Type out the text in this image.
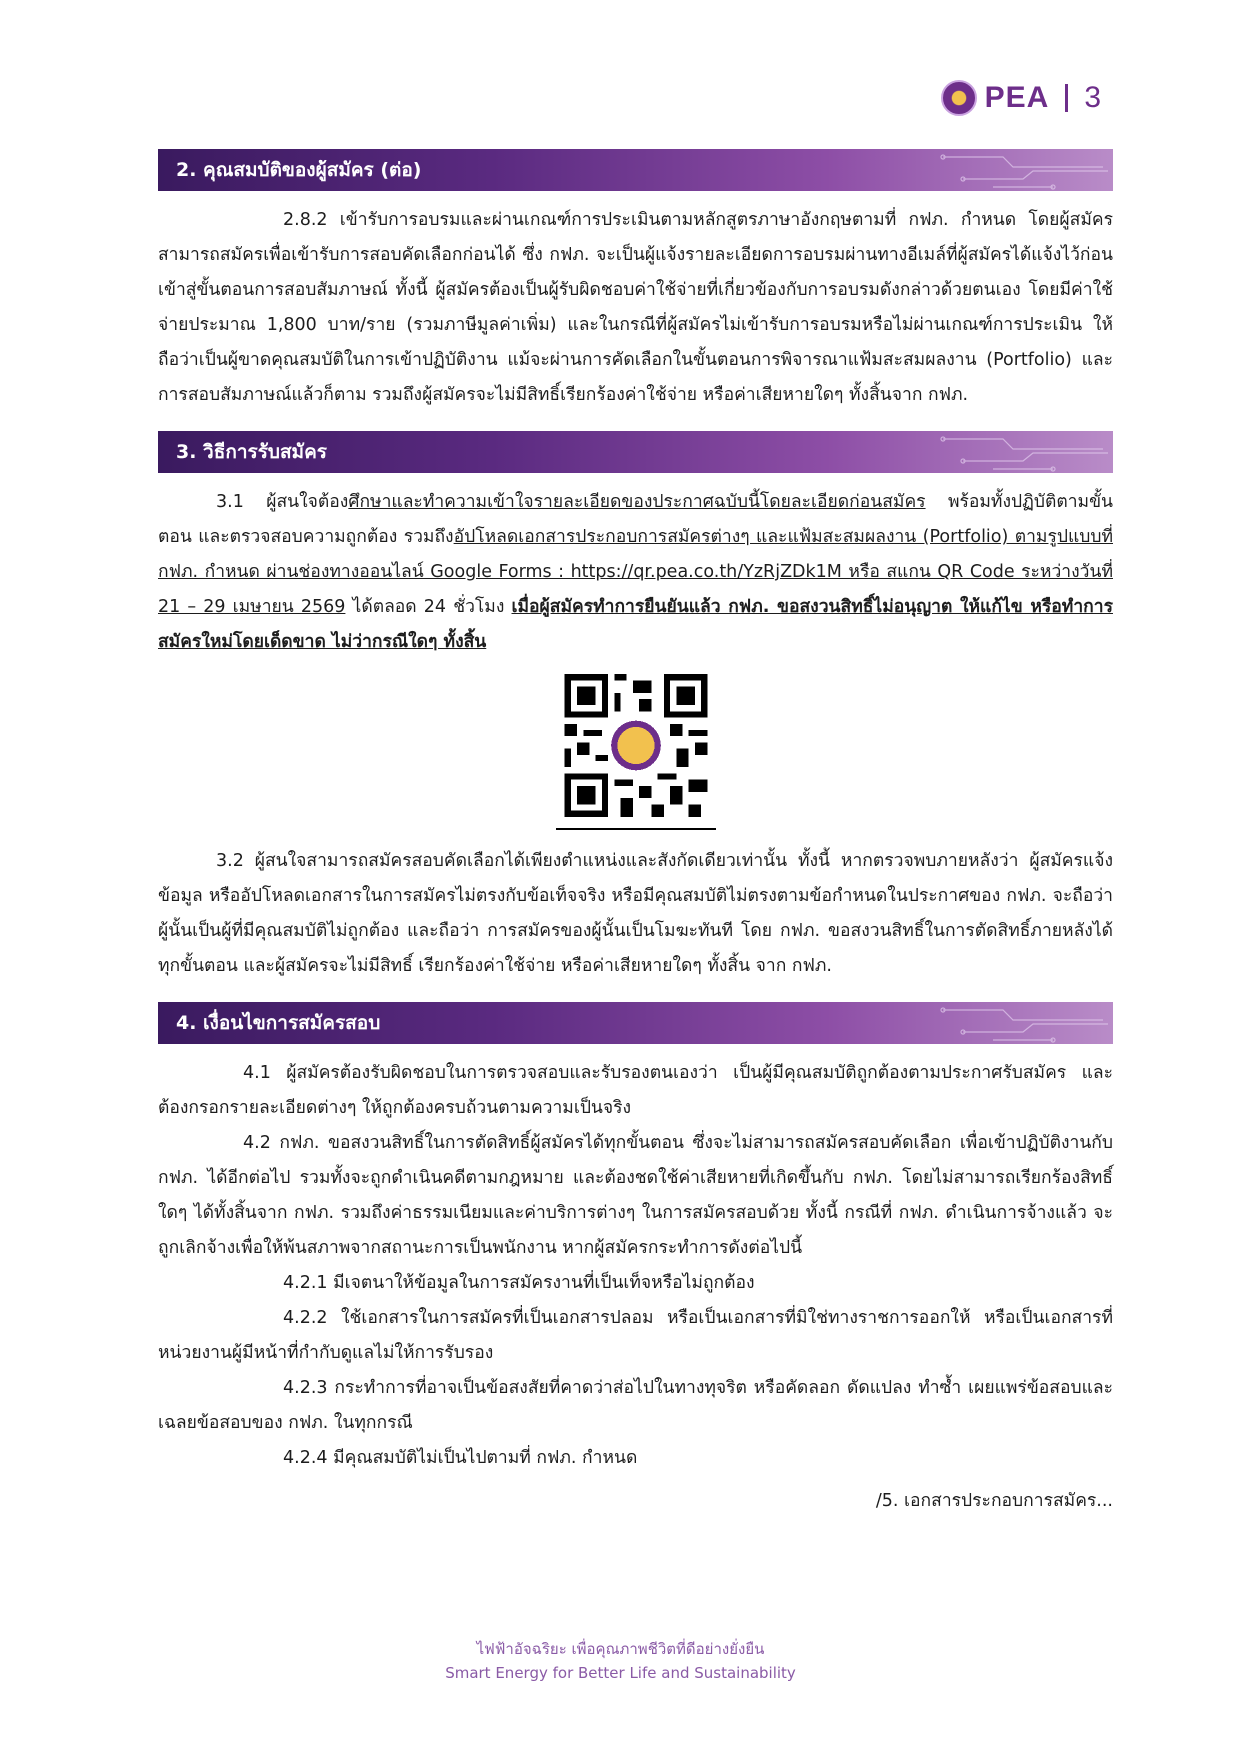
PEA 3
2. คุณสมบัติของผู้สมัคร (ต่อ)

2.8.2 เข้ารับการอบรมและผ่านเกณฑ์การประเมินตามหลักสูตรภาษาอังกฤษตามที่ กฟภ. กำหนด โดยผู้สมัครสามารถสมัครเพื่อเข้ารับการสอบคัดเลือกก่อนได้ ซึ่ง กฟภ. จะเป็นผู้แจ้งรายละเอียดการอบรมผ่านทางอีเมล์ที่ผู้สมัครได้แจ้งไว้ก่อนเข้าสู่ขั้นตอนการสอบสัมภาษณ์ ทั้งนี้ ผู้สมัครต้องเป็นผู้รับผิดชอบค่าใช้จ่ายที่เกี่ยวข้องกับการอบรมดังกล่าวด้วยตนเอง โดยมีค่าใช้จ่ายประมาณ 1,800 บาท/ราย (รวมภาษีมูลค่าเพิ่ม) และในกรณีที่ผู้สมัครไม่เข้ารับการอบรมหรือไม่ผ่านเกณฑ์การประเมิน ให้ถือว่าเป็นผู้ขาดคุณสมบัติในการเข้าปฏิบัติงาน แม้จะผ่านการคัดเลือกในขั้นตอนการพิจารณาแฟ้มสะสมผลงาน (Portfolio) และการสอบสัมภาษณ์แล้วก็ตาม รวมถึงผู้สมัครจะไม่มีสิทธิ์เรียกร้องค่าใช้จ่าย หรือค่าเสียหายใดๆ ทั้งสิ้นจาก กฟภ.

3. วิธีการรับสมัคร

3.1 ผู้สนใจต้องศึกษาและทำความเข้าใจรายละเอียดของประกาศฉบับนี้โดยละเอียดก่อนสมัคร พร้อมทั้งปฏิบัติตามขั้นตอน และตรวจสอบความถูกต้อง รวมถึงอัปโหลดเอกสารประกอบการสมัครต่างๆ และแฟ้มสะสมผลงาน (Portfolio) ตามรูปแบบที่ กฟภ. กำหนด ผ่านช่องทางออนไลน์ Google Forms : https://qr.pea.co.th/YzRjZDk1M หรือ สแกน QR Code ระหว่างวันที่ 21 – 29 เมษายน 2569 ได้ตลอด 24 ชั่วโมง เมื่อผู้สมัครทำการยืนยันแล้ว กฟภ. ขอสงวนสิทธิ์ไม่อนุญาต ให้แก้ไข หรือทำการสมัครใหม่โดยเด็ดขาด ไม่ว่ากรณีใดๆ ทั้งสิ้น

3.2 ผู้สนใจสามารถสมัครสอบคัดเลือกได้เพียงตำแหน่งและสังกัดเดียวเท่านั้น ทั้งนี้ หากตรวจพบภายหลังว่า ผู้สมัครแจ้งข้อมูล หรืออัปโหลดเอกสารในการสมัครไม่ตรงกับข้อเท็จจริง หรือมีคุณสมบัติไม่ตรงตามข้อกำหนดในประกาศของ กฟภ. จะถือว่าผู้นั้นเป็นผู้ที่มีคุณสมบัติไม่ถูกต้อง และถือว่า การสมัครของผู้นั้นเป็นโมฆะทันที โดย กฟภ. ขอสงวนสิทธิ์ในการตัดสิทธิ์ภายหลังได้ทุกขั้นตอน และผู้สมัครจะไม่มีสิทธิ์ เรียกร้องค่าใช้จ่าย หรือค่าเสียหายใดๆ ทั้งสิ้น จาก กฟภ.

4. เงื่อนไขการสมัครสอบ

4.1 ผู้สมัครต้องรับผิดชอบในการตรวจสอบและรับรองตนเองว่า เป็นผู้มีคุณสมบัติถูกต้องตามประกาศรับสมัคร และต้องกรอกรายละเอียดต่างๆ ให้ถูกต้องครบถ้วนตามความเป็นจริง

4.2 กฟภ. ขอสงวนสิทธิ์ในการตัดสิทธิ์ผู้สมัครได้ทุกขั้นตอน ซึ่งจะไม่สามารถสมัครสอบคัดเลือก เพื่อเข้าปฏิบัติงานกับ กฟภ. ได้อีกต่อไป รวมทั้งจะถูกดำเนินคดีตามกฎหมาย และต้องชดใช้ค่าเสียหายที่เกิดขึ้นกับ กฟภ. โดยไม่สามารถเรียกร้องสิทธิ์ใดๆ ได้ทั้งสิ้นจาก กฟภ. รวมถึงค่าธรรมเนียมและค่าบริการต่างๆ ในการสมัครสอบด้วย ทั้งนี้ กรณีที่ กฟภ. ดำเนินการจ้างแล้ว จะถูกเลิกจ้างเพื่อให้พ้นสภาพจากสถานะการเป็นพนักงาน หากผู้สมัครกระทำการดังต่อไปนี้

4.2.1 มีเจตนาให้ข้อมูลในการสมัครงานที่เป็นเท็จหรือไม่ถูกต้อง

4.2.2 ใช้เอกสารในการสมัครที่เป็นเอกสารปลอม หรือเป็นเอกสารที่มิใช่ทางราชการออกให้ หรือเป็นเอกสารที่หน่วยงานผู้มีหน้าที่กำกับดูแลไม่ให้การรับรอง

4.2.3 กระทำการที่อาจเป็นข้อสงสัยที่คาดว่าส่อไปในทางทุจริต หรือคัดลอก ดัดแปลง ทำซ้ำ เผยแพร่ข้อสอบและเฉลยข้อสอบของ กฟภ. ในทุกกรณี

4.2.4 มีคุณสมบัติไม่เป็นไปตามที่ กฟภ. กำหนด

/5. เอกสารประกอบการสมัคร...
ไฟฟ้าอัจฉริยะ เพื่อคุณภาพชีวิตที่ดีอย่างยั่งยืน
Smart Energy for Better Life and Sustainability
